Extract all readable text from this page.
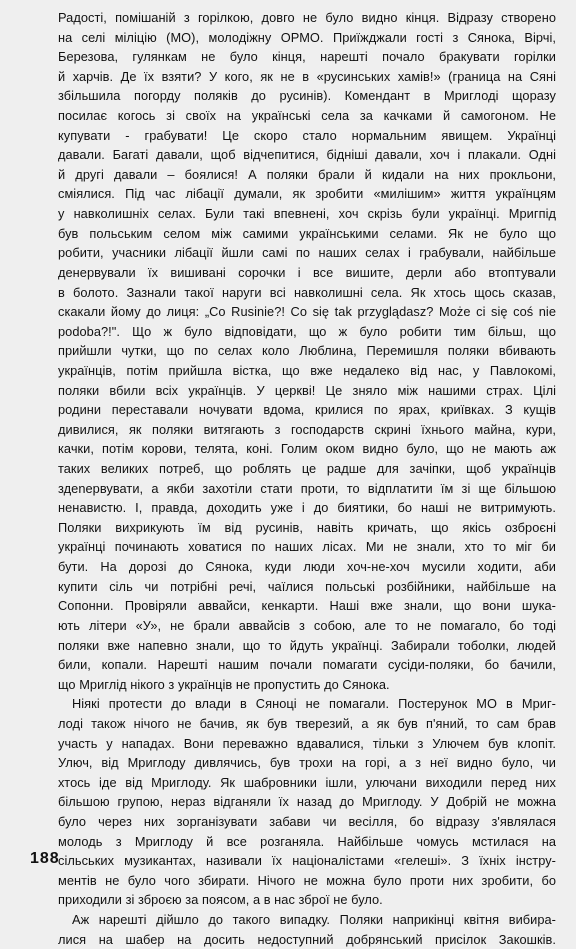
Радості, помішаній з горілкою, довго не було видно кінця. Відразу створено
на селі міліцію (МО), молодіжну ОРМО. Приїжджали гості з Сянока, Вірчі,
Березова, гулянкам не було кінця, нарешті почало бракувати горілки
й харчів. Де їх взяти? У кого, як не в «русинських хамів!» (граница на Сяні
збільшила погорду поляків до русинів). Комендант в Мриглоді щоразу
посилає когось зі своїх на українські села за качками й самогоном. Не
купувати - грабувати! Це скоро стало нормальним явищем. Українці
давали. Багаті давали, щоб відчепитися, бідніші давали, хоч і плакали. Одні
й другі давали – боялися! А поляки брали й кидали на них прокльони,
сміялися. Під час лібації думали, як зробити «милішим» життя українцям
у навколишніх селах. Були такі впевнені, хоч скрізь були українці. Мригпід
був польським селом між самими українськими селами. Як не було що
робити, учасники лібації йшли самі по наших селах і грабували, найбільше
денервували їх вишивані сорочки і все вишите, дерли або втоптували
в болото. Зазнали такої наруги всі навколишні села. Як хтось щось сказав,
скакали йому до лиця: „Co Rusinie?! Co się tak przyglądasz? Może ci się coś nie
podoba?!". Що ж було відповідати, що ж було робити тим більш, що
прийшли чутки, що по селах коло Люблина, Перемишля поляки вбивають
українців, потім прийшла вістка, що вже недалеко від нас, у Павлокомі,
поляки вбили всіх українців. У церкві! Це зняло між нашими страх. Цілі
родини переставали ночувати вдома, крилися по ярах, криївках. З кущів
дивилися, як поляки витягають з господарств скрині їхнього майна, кури,
качки, потім корови, телята, коні. Голим оком видно було, що не мають аж
таких великих потреб, що роблять це радше для зачіпки, щоб українців
здenервувати, а якби захотіли стати проти, то відплатити їм зі ще більшою
ненавистю. І, правда, доходить уже і до биятики, бо наші не витримують.
Поляки вихрикують їм від русинів, навіть кричать, що якісь озброєні
українці починають ховатися по наших лісах. Ми не знали, хто то міг би
бути. На дорозі до Сянока, куди люди хоч-не-хоч мусили ходити, аби
купити сіль чи потрібні речі, чаїлися польські розбійники, найбільше на
Сопонни. Провіряли аввайси, кенкарти. Наші вже знали, що вони шука-
ють літери «У», не брали аввайсів з собою, але то не помагало, бо тоді
поляки вже напевно знали, що то йдуть українці. Забирали тоболки, людей
били, копали. Нарешті нашим почали помагати сусіди-поляки, бо бачили,
що Мриглід нікого з українців не пропустить до Сянока.
Ніякі протести до влади в Сяноці не помагали. Постерунок МО в Мриг-
лоді також нічого не бачив, як був тверезий, а як був п'яний, то сам брав
участь у нападах. Вони переважно вдавалися, тільки з Улючем був клопіт.
Улюч, від Мриглоду дивлячись, був трохи на горі, а з неї видно було, чи
хтось іде від Мриглоду. Як шабровники ішли, улючани виходили перед них
більшою групою, нераз відганяли їх назад до Мриглоду. У Добрій не можна
було через них зорганізувати забави чи весілля, бо відразу з'являлася
молодь з Мриглоду й все розганяла. Найбільше чомусь мстилася на
сільських музикантах, називали їх націоналістами «гелеші». З їхніх інстру-
ментів не було чого збирати. Нічого не можна було проти них зробити, бо
приходили зі зброєю за поясом, а в нас зброї не було.
Аж нарешті дійшло до такого випадку. Поляки наприкінці квітня вибира-
лися на шабер на досить недоступний добрянський присілок Закошків.
188
